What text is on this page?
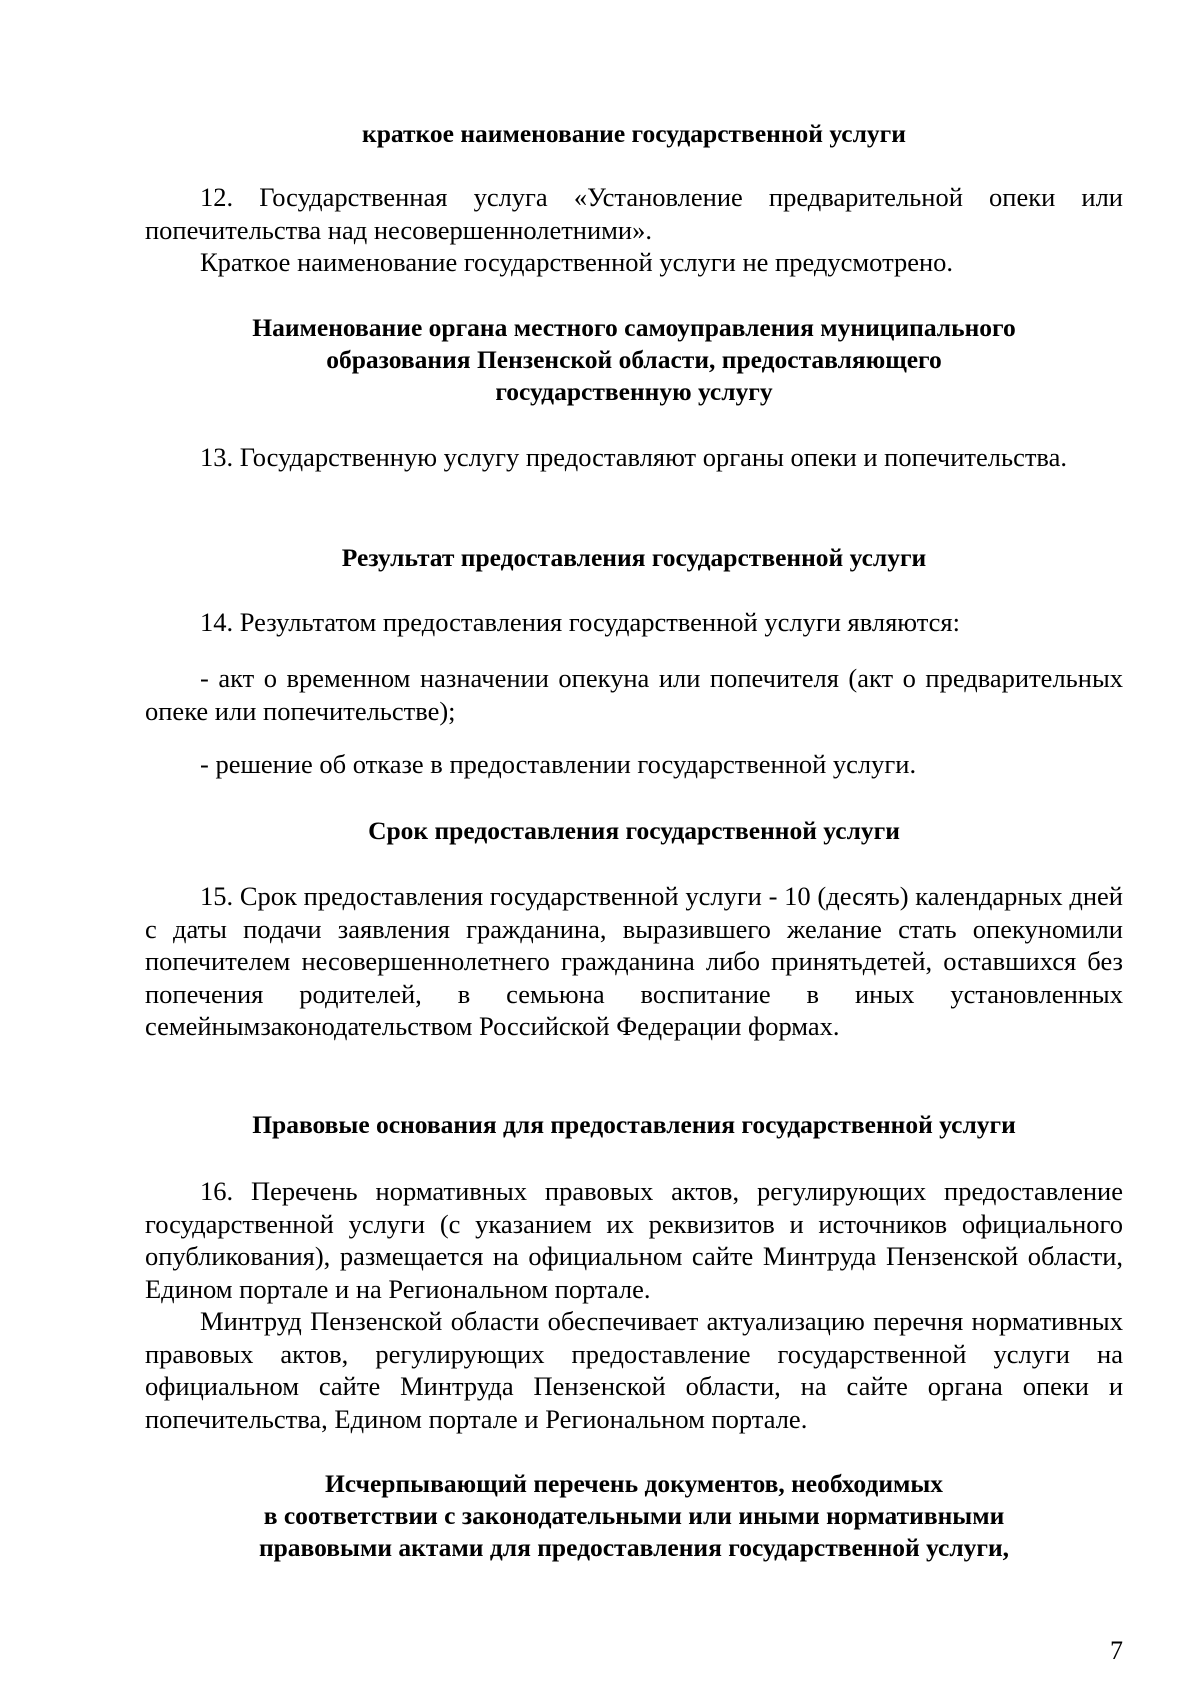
краткое наименование государственной услуги
12. Государственная услуга «Установление предварительной опеки или попечительства над несовершеннолетними».
Краткое наименование государственной услуги не предусмотрено.
Наименование органа местного самоуправления муниципального
образования Пензенской области, предоставляющего
государственную услугу
13. Государственную услугу предоставляют органы опеки и попечительства.
Результат предоставления государственной услуги
14. Результатом предоставления государственной услуги являются:
- акт о временном назначении опекуна или попечителя (акт о предварительных опеке или попечительстве);
- решение об отказе в предоставлении государственной услуги.
Срок предоставления государственной услуги
15. Срок предоставления государственной услуги - 10 (десять) календарных дней с даты подачи заявления гражданина, выразившего желание стать опекуномили попечителем несовершеннолетнего гражданина либо принятьдетей, оставшихся без попечения родителей, в семьюна воспитание в иных установленных семейнымзаконодательством Российской Федерации формах.
Правовые основания для предоставления государственной услуги
16. Перечень нормативных правовых актов, регулирующих предоставление государственной услуги (с указанием их реквизитов и источников официального опубликования), размещается на официальном сайте Минтруда Пензенской области, Едином портале и на Региональном портале.
Минтруд Пензенской области обеспечивает актуализацию перечня нормативных правовых актов, регулирующих предоставление государственной услуги на официальном сайте Минтруда Пензенской области, на сайте органа опеки и попечительства, Едином портале и Региональном портале.
Исчерпывающий перечень документов, необходимых
в соответствии с законодательными или иными нормативными
правовыми актами для предоставления государственной услуги,
7
